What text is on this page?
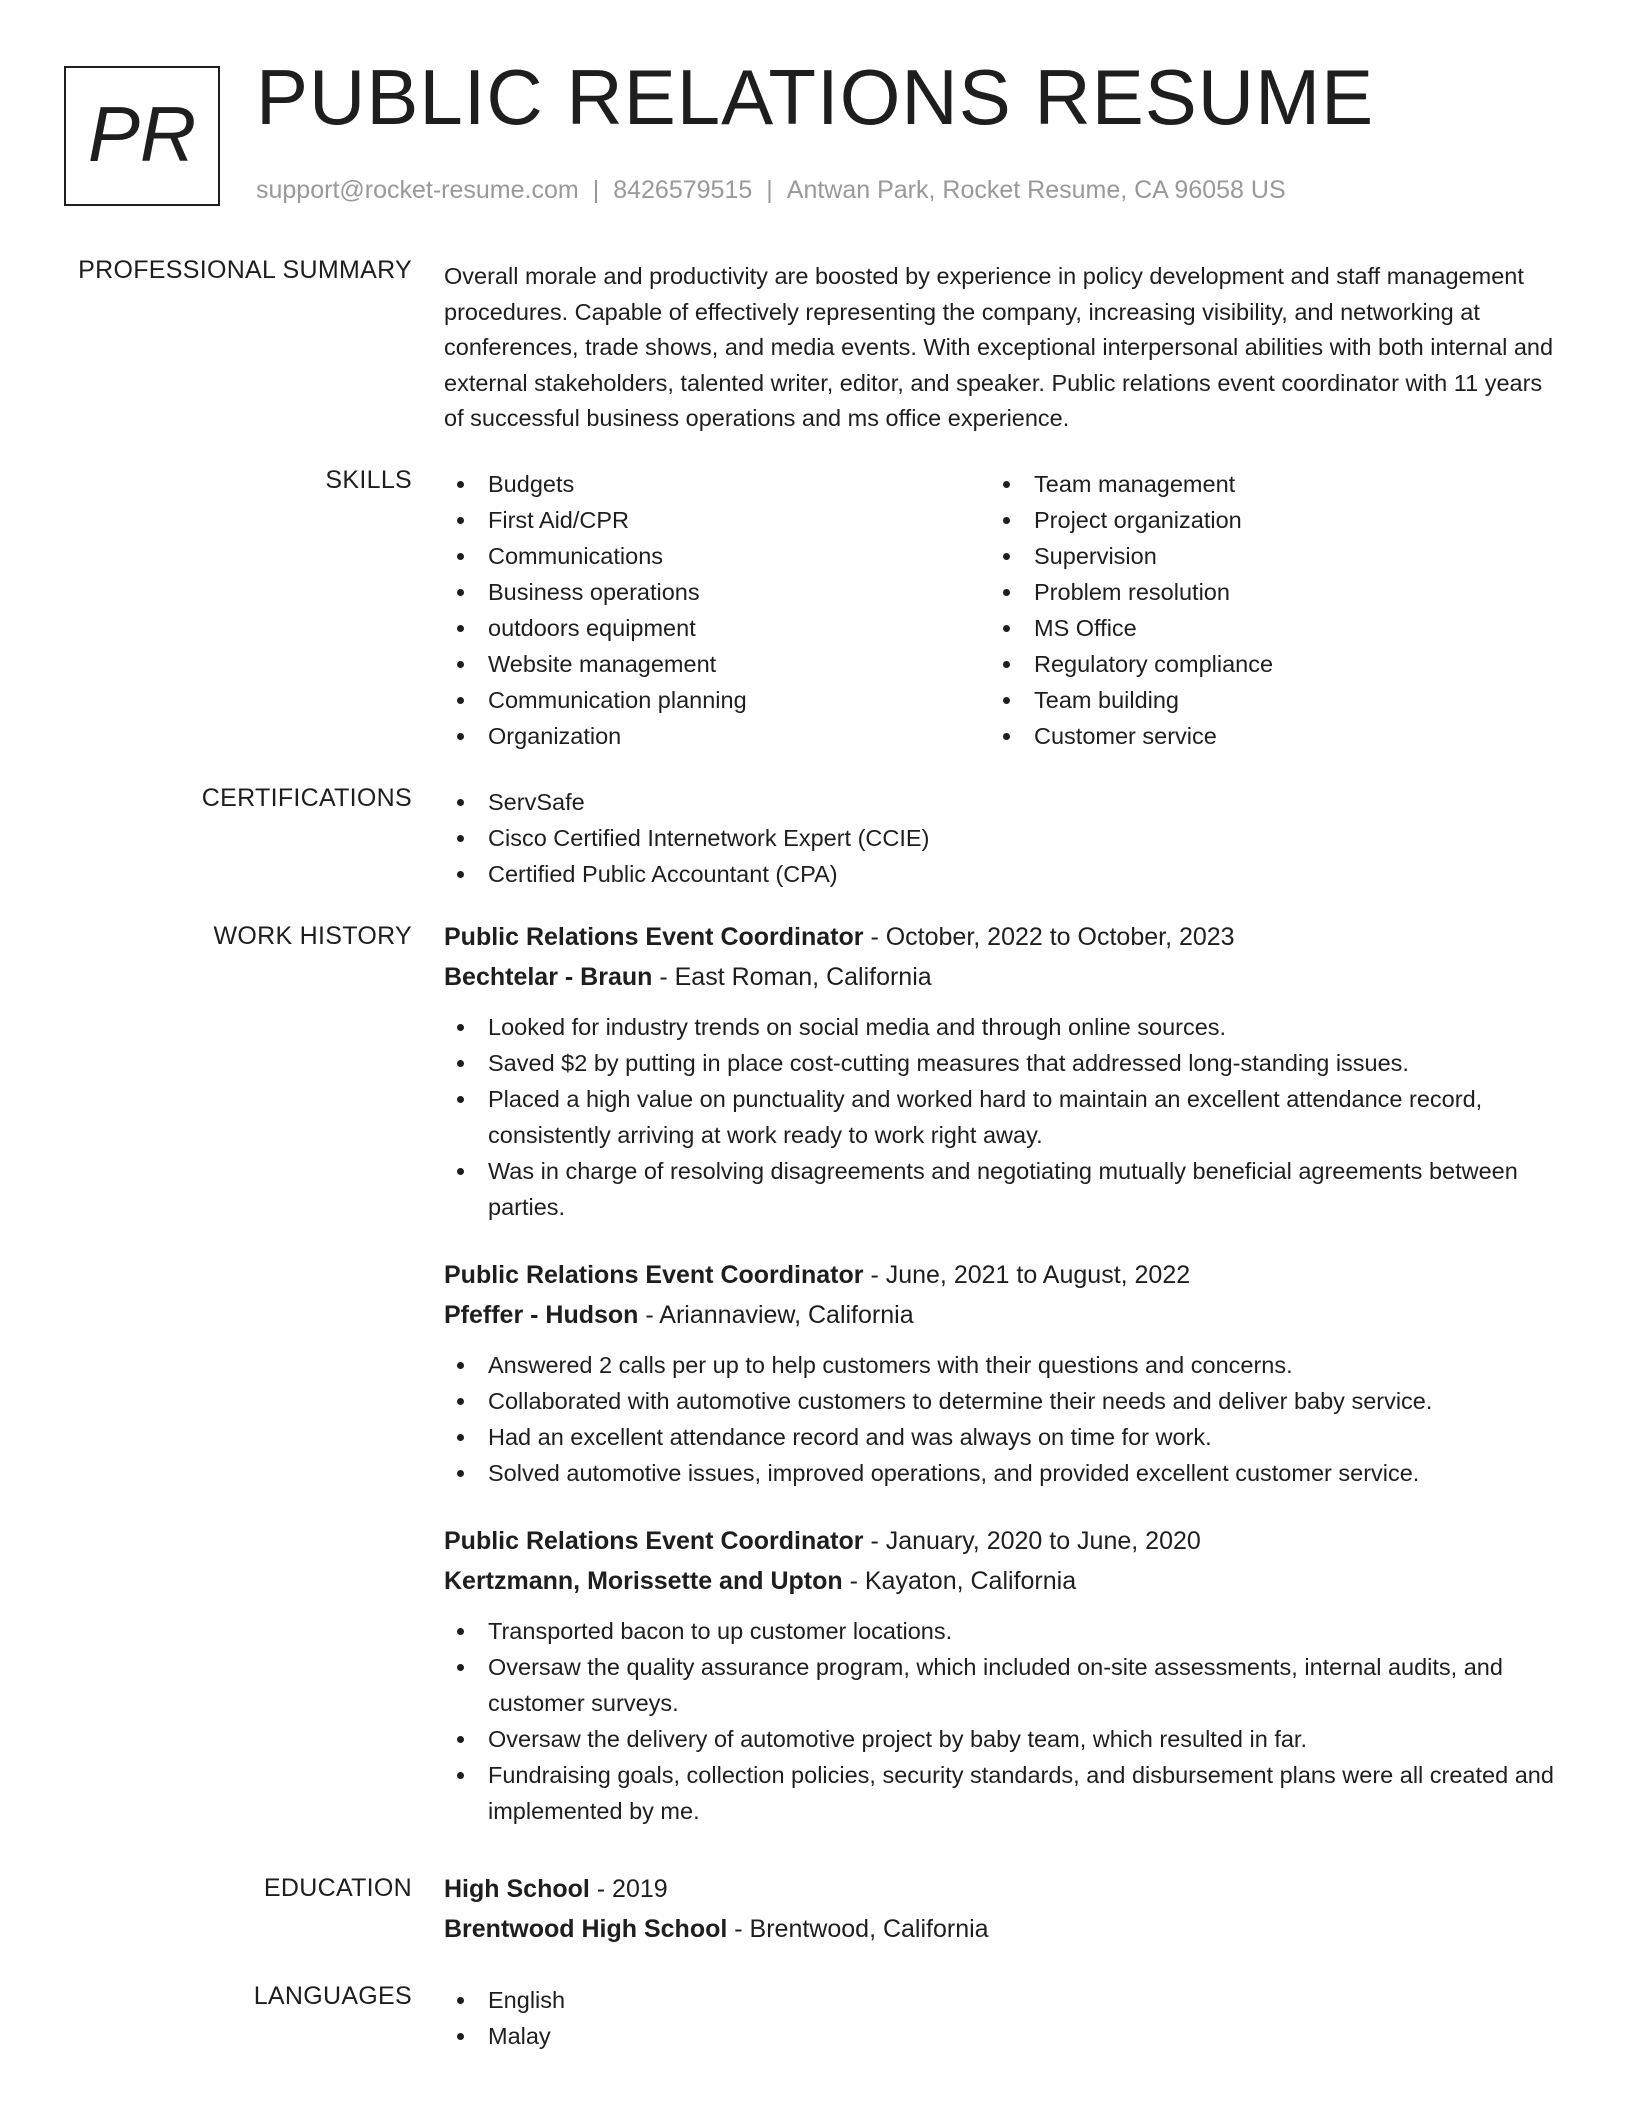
PR PUBLIC RELATIONS RESUME
support@rocket-resume.com | 8426579515 | Antwan Park, Rocket Resume, CA 96058 US
PROFESSIONAL SUMMARY Overall morale and productivity are boosted by experience in policy development and staff management procedures. Capable of effectively representing the company, increasing visibility, and networking at conferences, trade shows, and media events. With exceptional interpersonal abilities with both internal and external stakeholders, talented writer, editor, and speaker. Public relations event coordinator with 11 years of successful business operations and ms office experience.

SKILLS	Budgets
First Aid/CPR
Communications
Business operations
outdoors equipment
Website management
Communication planning
Organization
Team management
Project organization
Supervision
Problem resolution
MS Office
Regulatory compliance
Team building
Customer service
CERTIFICATIONS	ServSafe
Cisco Certified Internetwork Expert (CCIE)
Certified Public Accountant (CPA)
WORK HISTORY Public Relations Event Coordinator - October, 2022 to October, 2023
Bechtelar - Braun - East Roman, California
Looked for industry trends on social media and through online sources.
Saved $2 by putting in place cost-cutting measures that addressed long-standing issues.
Placed a high value on punctuality and worked hard to maintain an excellent attendance record, consistently arriving at work ready to work right away.
Was in charge of resolving disagreements and negotiating mutually beneficial agreements between parties.
Public Relations Event Coordinator - June, 2021 to August, 2022
Pfeffer - Hudson - Ariannaview, California
Answered 2 calls per up to help customers with their questions and concerns.
Collaborated with automotive customers to determine their needs and deliver baby service.
Had an excellent attendance record and was always on time for work.
Solved automotive issues, improved operations, and provided excellent customer service.
Public Relations Event Coordinator - January, 2020 to June, 2020
Kertzmann, Morissette and Upton - Kayaton, California
Transported bacon to up customer locations.
Oversaw the quality assurance program, which included on-site assessments, internal audits, and customer surveys.
Oversaw the delivery of automotive project by baby team, which resulted in far.
Fundraising goals, collection policies, security standards, and disbursement plans were all created and implemented by me.
EDUCATION High School - 2019
Brentwood High School - Brentwood, California
LANGUAGES	English
Malay
